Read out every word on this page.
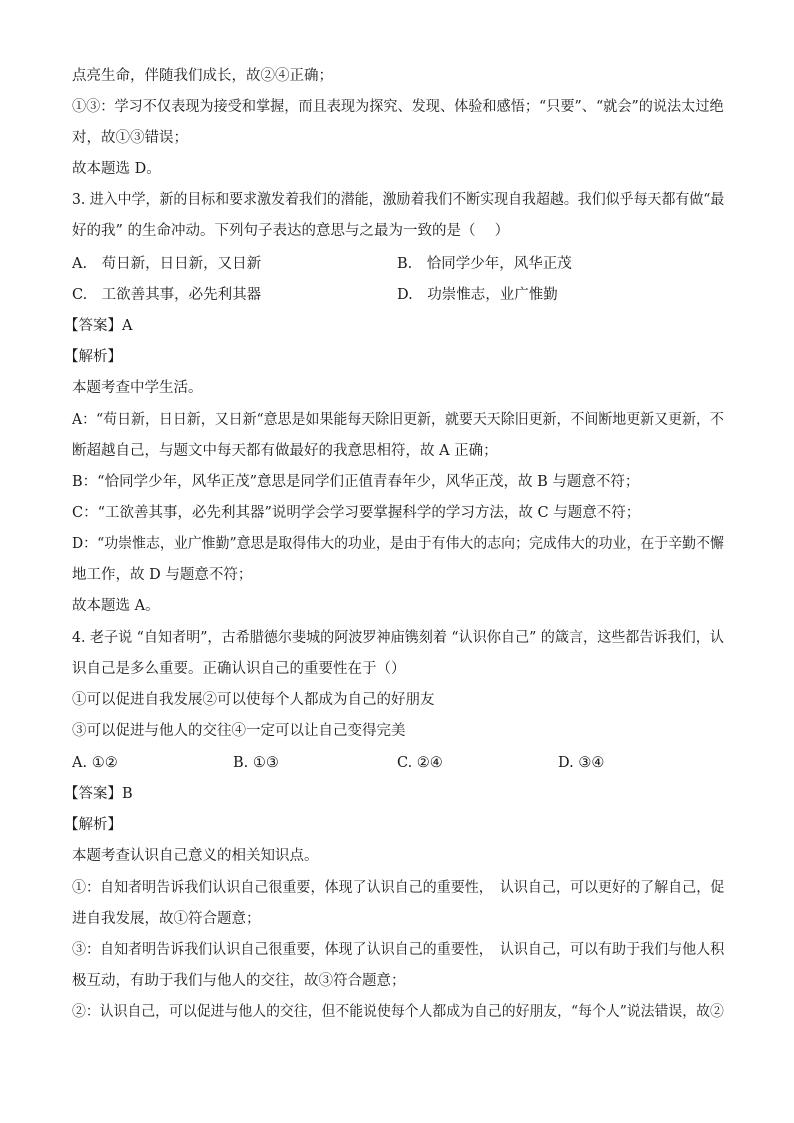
点亮生命，伴随我们成长，故②④正确；
①③：学习不仅表现为接受和掌握，而且表现为探究、发现、体验和感悟；“只要”、“就会”的说法太过绝
对，故①③错误；
故本题选 D。
3. 进入中学，新的目标和要求激发着我们的潜能，激励着我们不断实现自我超越。我们似乎每天都有做“最
好的我” 的生命冲动。下列句子表达的意思与之最为一致的是（　 ）
A.　苟日新，日日新，又日新	B.　恰同学少年，风华正茂
C.　工欲善其事，必先利其器	D.　功崇惟志，业广惟勤
【答案】A
【解析】
本题考查中学生活。
A：“苟日新，日日新，又日新“意思是如果能每天除旧更新，就要天天除旧更新，不间断地更新又更新，不
断超越自己，与题文中每天都有做最好的我意思相符，故 A 正确；
B：“恰同学少年，风华正茂”意思是同学们正值青春年少，风华正茂，故 B 与题意不符；
C：“工欲善其事，必先利其器”说明学会学习要掌握科学的学习方法，故 C 与题意不符；
D：“功崇惟志，业广惟勤”意思是取得伟大的功业，是由于有伟大的志向；完成伟大的功业，在于辛勤不懈
地工作，故 D 与题意不符；
故本题选 A。
4. 老子说 “自知者明”，古希腊德尔斐城的阿波罗神庙镌刻着 “认识你自己” 的箴言，这些都告诉我们，认
识自己是多么重要。正确认识自己的重要性在于（）
①可以促进自我发展②可以使每个人都成为自己的好朋友
③可以促进与他人的交往④一定可以让自己变得完美
A. ①②	B. ①③	C. ②④	D. ③④
【答案】B
【解析】
本题考查认识自己意义的相关知识点。
①：自知者明告诉我们认识自己很重要，体现了认识自己的重要性，　认识自己，可以更好的了解自己，促
进自我发展，故①符合题意；
③：自知者明告诉我们认识自己很重要，体现了认识自己的重要性，　认识自己，可以有助于我们与他人积
极互动，有助于我们与他人的交往，故③符合题意；
②：认识自己，可以促进与他人的交往，但不能说使每个人都成为自己的好朋友，“每个人”说法错误，故②
